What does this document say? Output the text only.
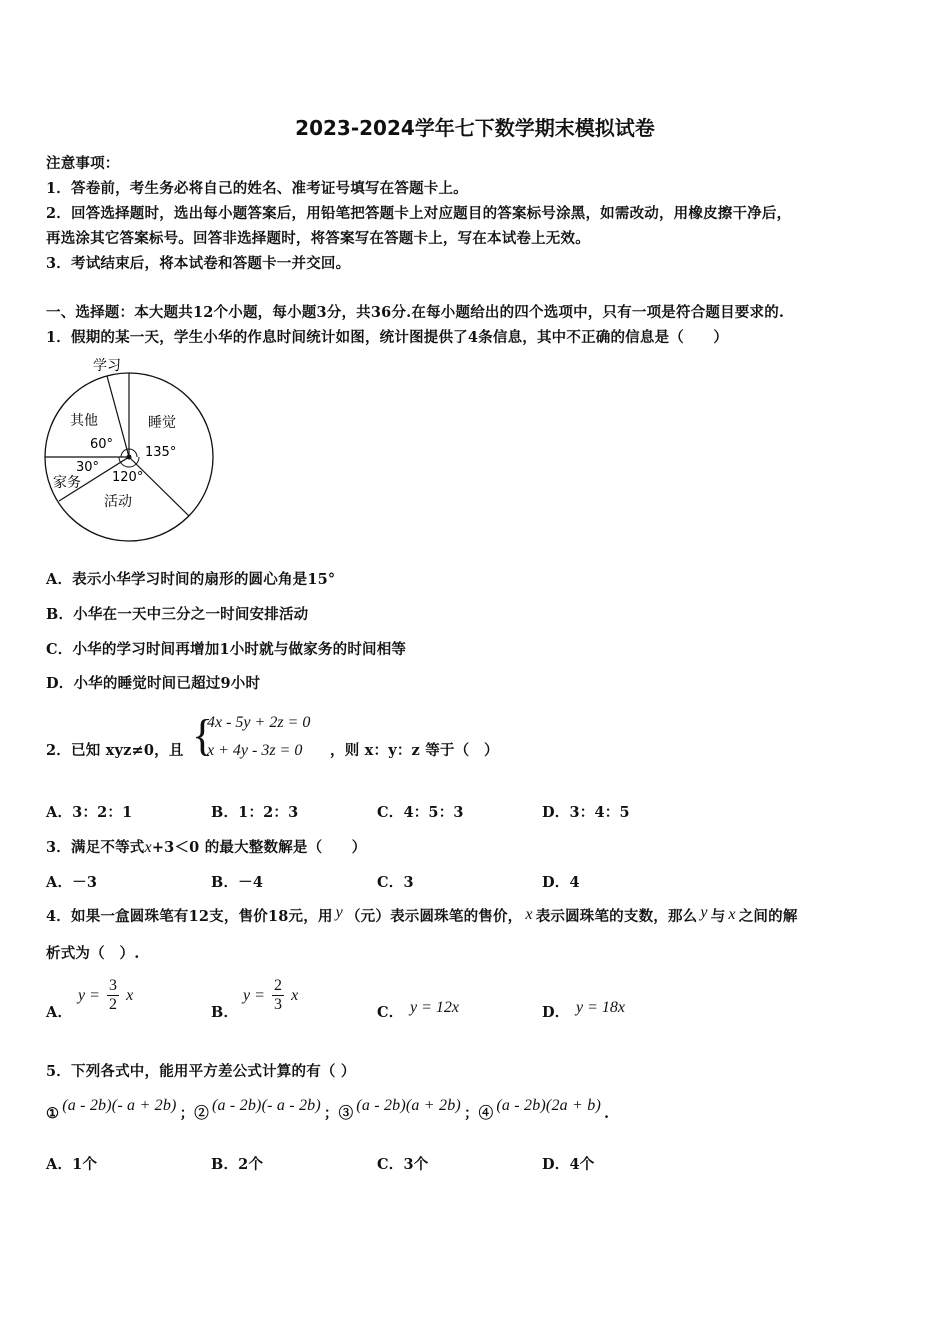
2023-2024学年七下数学期末模拟试卷
注意事项：
1．答卷前，考生务必将自己的姓名、准考证号填写在答题卡上。
2．回答选择题时，选出每小题答案后，用铅笔把答题卡上对应题目的答案标号涂黑，如需改动，用橡皮擦干净后，
再选涂其它答案标号。回答非选择题时，将答案写在答题卡上，写在本试卷上无效。
3．考试结束后，将本试卷和答题卡一并交回。
一、选择题：本大题共12个小题，每小题3分，共36分.在每小题给出的四个选项中，只有一项是符合题目要求的.
1．假期的某一天，学生小华的作息时间统计如图，统计图提供了4条信息，其中不正确的信息是（　　）
学习
睡觉
活动
家务
其他
135°
120°
30°
60°
A．表示小华学习时间的扇形的圆心角是15°
B．小华在一天中三分之一时间安排活动
C．小华的学习时间再增加1小时就与做家务的时间相等
D．小华的睡觉时间已超过9小时
2．已知 xyz≠0，且 {
4x - 5y + 2z = 0
x + 4y - 3z = 0 ，则 x：y：z 等于（　）
A．3：2：1	B．1：2：3	C．4：5：3	D．3：4：5
3．满足不等式x+3＜0 的最大整数解是（　　）
A．－3	B．－4	C．3	D．4
4．如果一盒圆珠笔有12支，售价18元，用 y （元）表示圆珠笔的售价， x 表示圆珠笔的支数，那么 y 与 x 之间的解
析式为（　）.
A．
$y = \frac{3}{2}$ x
B．
$y = \frac{2}{3}$ x
C． y = 12x	D． y = 18x
5．下列各式中，能用平方差公式计算的有（ ）
① (a - 2b)(- a + 2b) ；② (a - 2b)(- a - 2b) ；③ (a - 2b)(a + 2b) ；④ (a - 2b)(2a + b) .
A．1个	B．2个	C．3个	D．4个
